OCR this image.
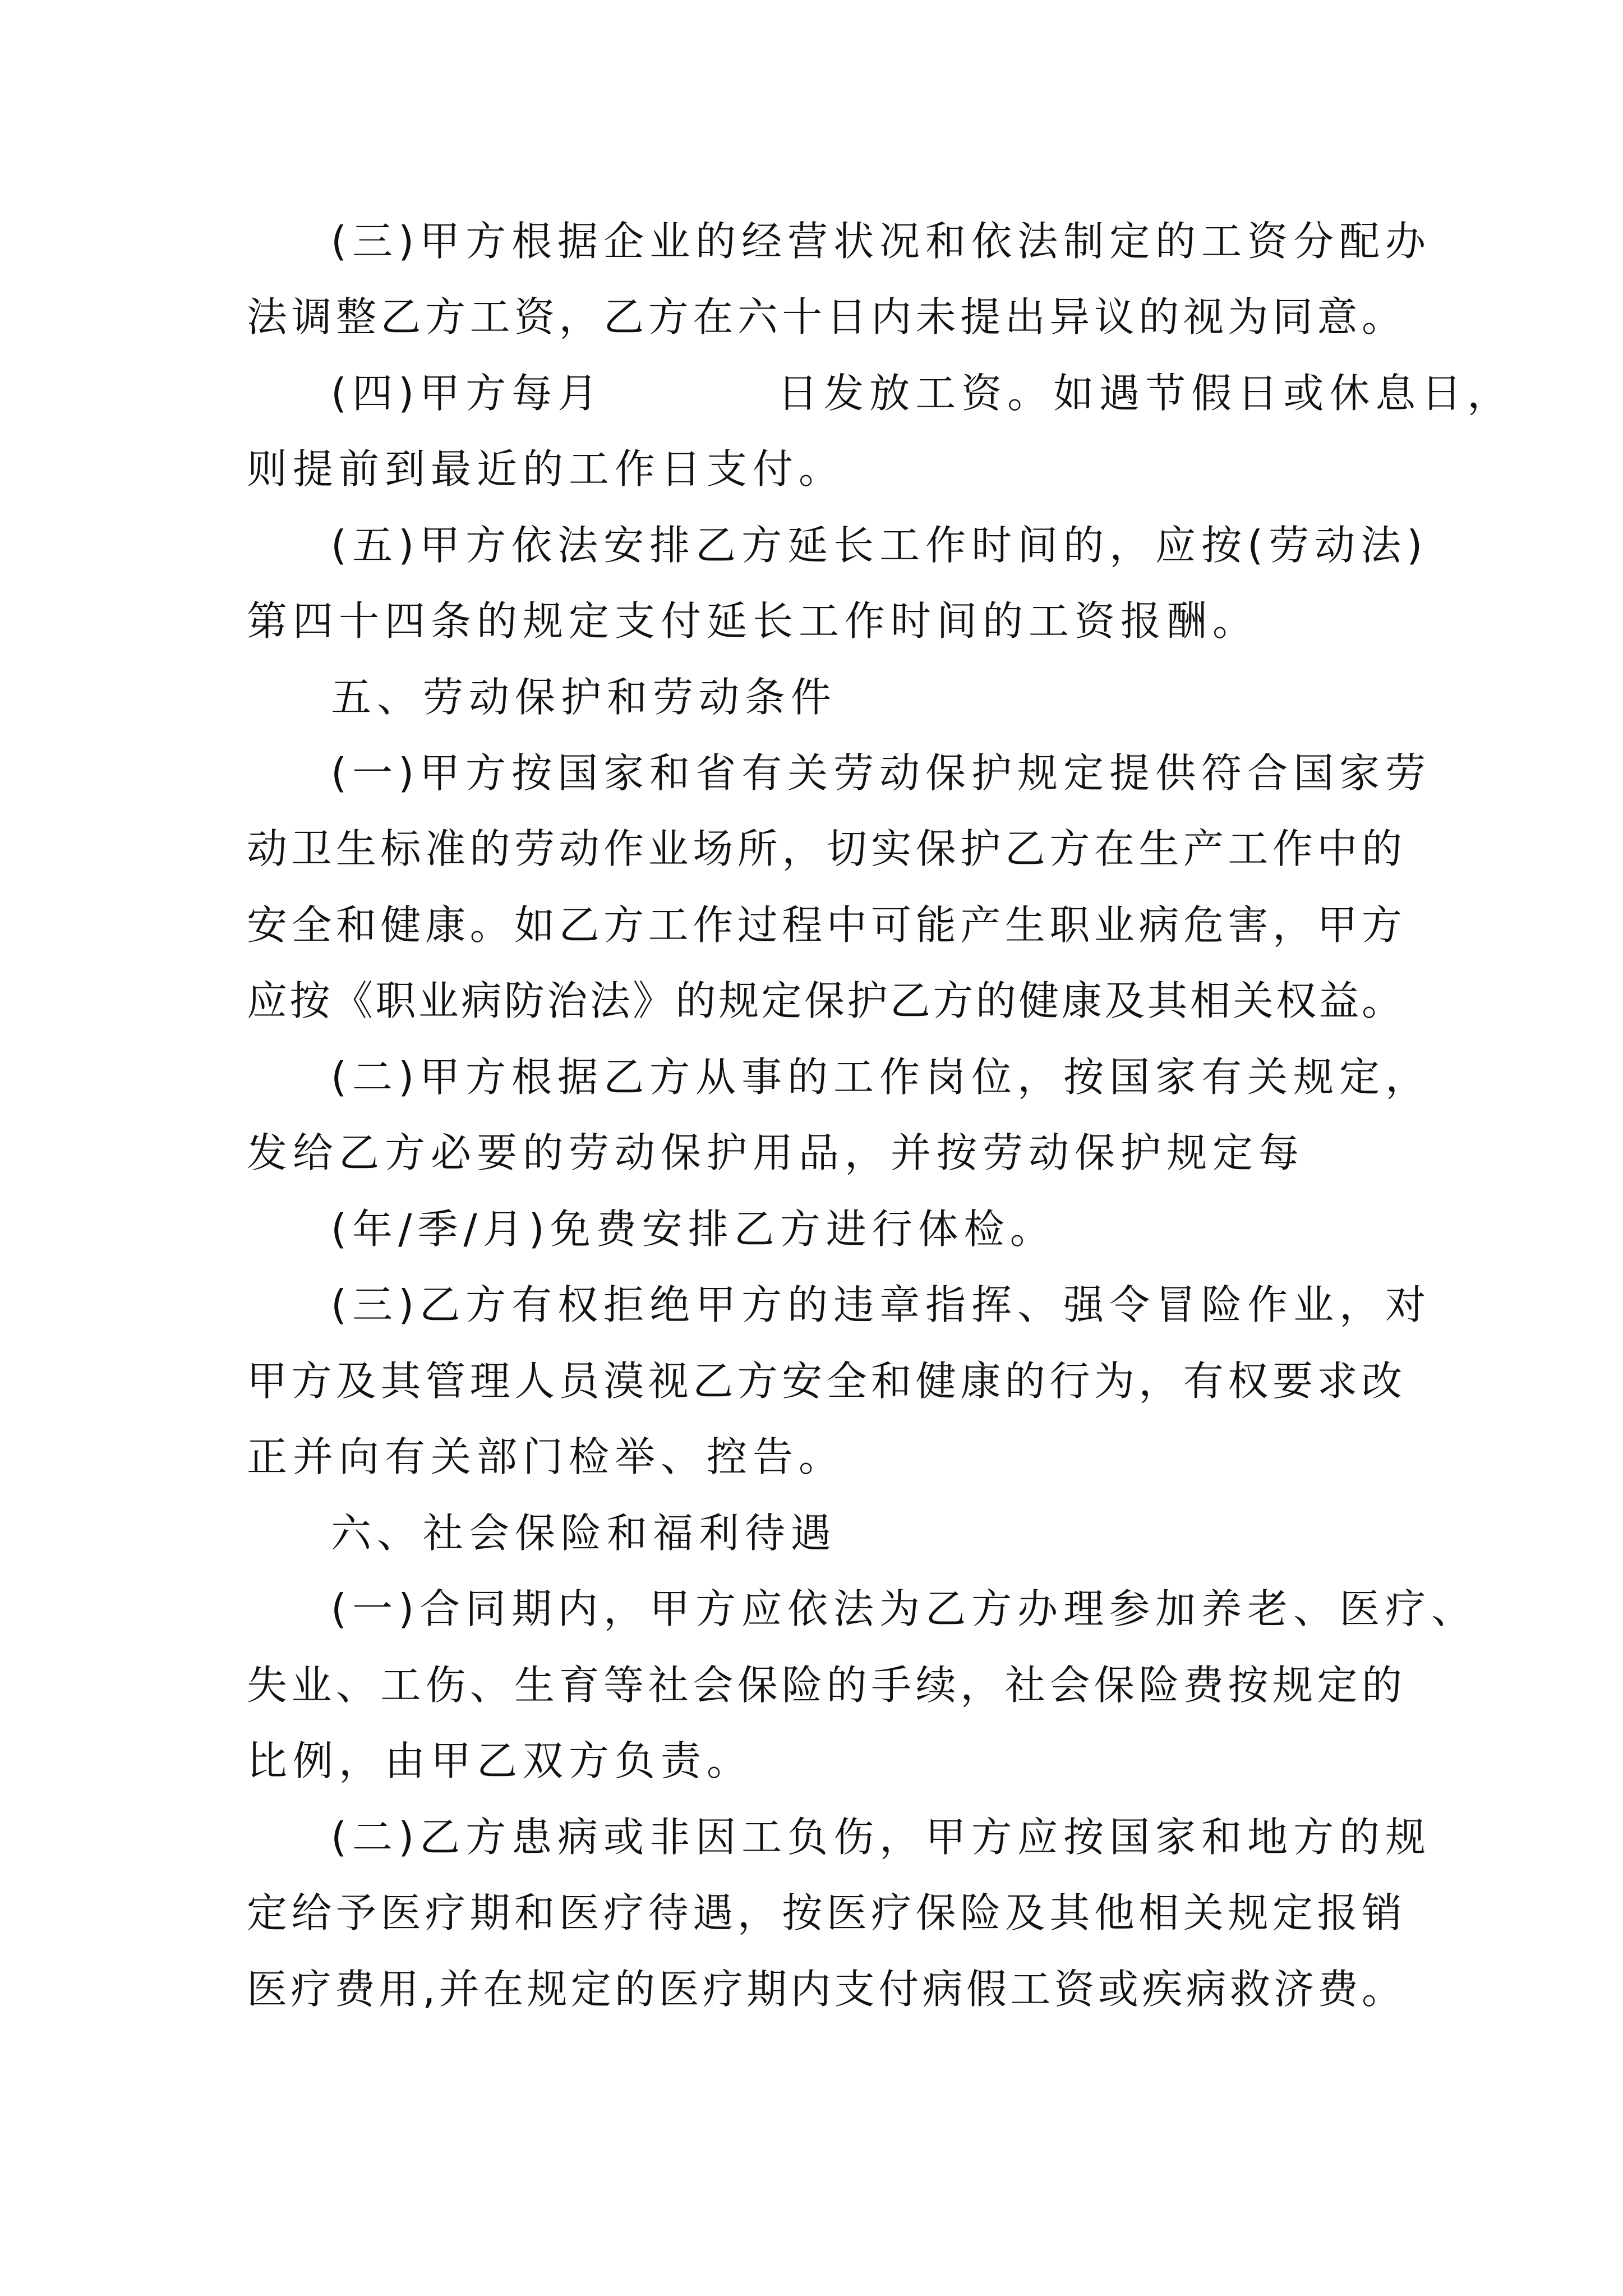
(三)甲方根据企业的经营状况和依法制定的工资分配办
法调整乙方工资，乙方在六十日内未提出异议的视为同意。
(四)甲方每月	日发放工资。如遇节假日或休息日，
则提前到最近的工作日支付。
(五)甲方依法安排乙方延长工作时间的，应按(劳动法)
第四十四条的规定支付延长工作时间的工资报酬。
五、劳动保护和劳动条件
(一)甲方按国家和省有关劳动保护规定提供符合国家劳
动卫生标准的劳动作业场所，切实保护乙方在生产工作中的
安全和健康。如乙方工作过程中可能产生职业病危害，甲方
应按《职业病防治法》的规定保护乙方的健康及其相关权益。
(二)甲方根据乙方从事的工作岗位，按国家有关规定，
发给乙方必要的劳动保护用品，并按劳动保护规定每
(年/季/月)免费安排乙方进行体检。
(三)乙方有权拒绝甲方的违章指挥、强令冒险作业，对
甲方及其管理人员漠视乙方安全和健康的行为，有权要求改
正并向有关部门检举、控告。
六、社会保险和福利待遇
(一)合同期内，甲方应依法为乙方办理参加养老、医疗、
失业、工伤、生育等社会保险的手续，社会保险费按规定的
比例，由甲乙双方负责。
(二)乙方患病或非因工负伤，甲方应按国家和地方的规
定给予医疗期和医疗待遇，按医疗保险及其他相关规定报销
医疗费用,并在规定的医疗期内支付病假工资或疾病救济费。
